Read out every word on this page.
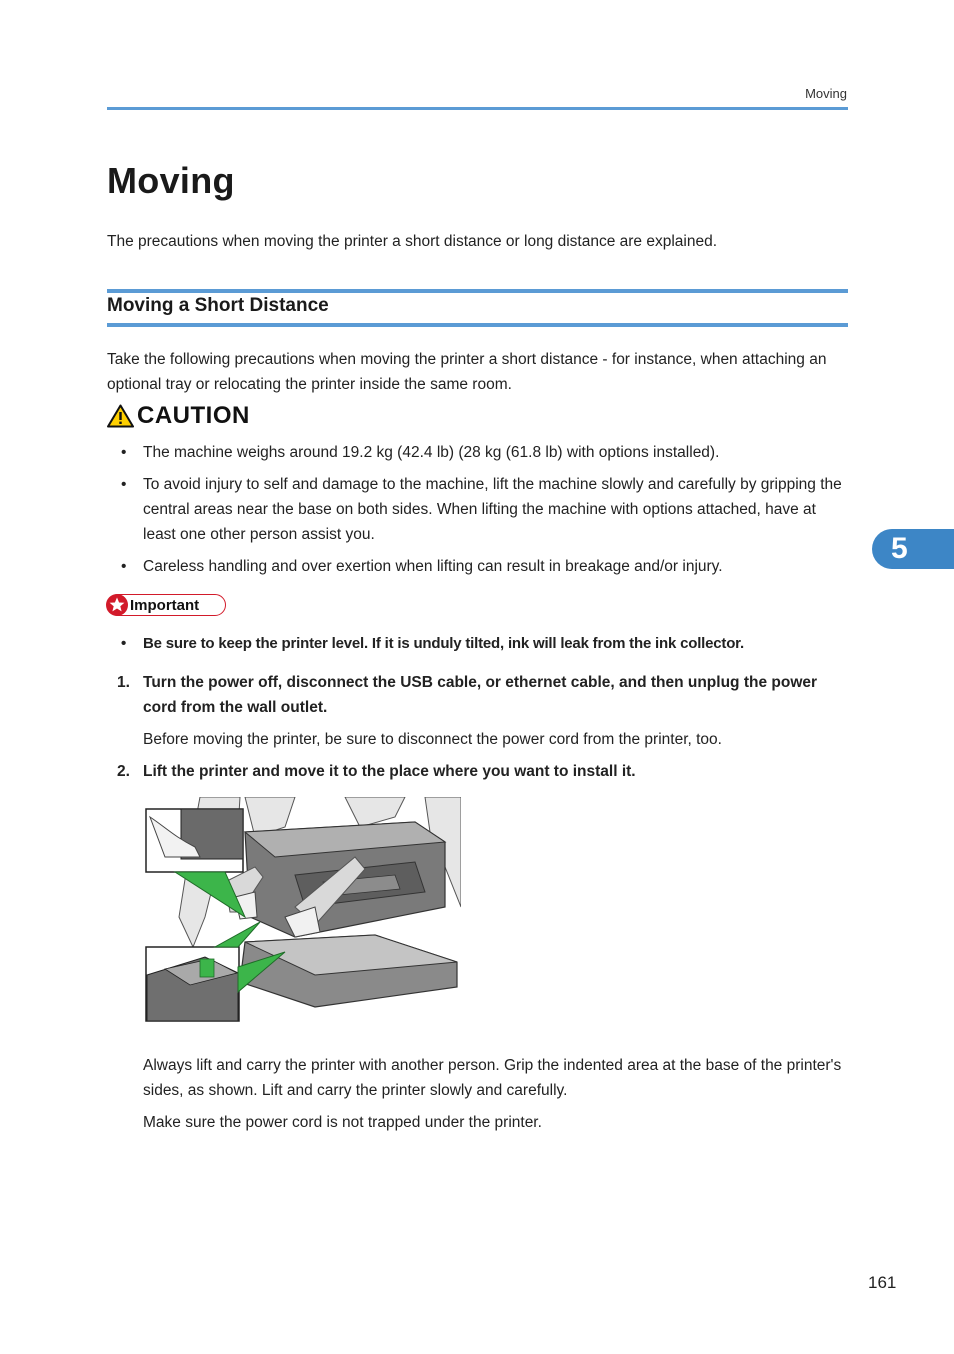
Moving
Moving

The precautions when moving the printer a short distance or long distance are explained.

Moving a Short Distance

Take the following precautions when moving the printer a short distance - for instance, when attaching an optional tray or relocating the printer inside the same room.

CAUTION
• The machine weighs around 19.2 kg (42.4 lb) (28 kg (61.8 lb) with options installed).
• To avoid injury to self and damage to the machine, lift the machine slowly and carefully by gripping the central areas near the base on both sides. When lifting the machine with options attached, have at least one other person assist you.
• Careless handling and over exertion when lifting can result in breakage and/or injury.
Important
• Be sure to keep the printer level. If it is unduly tilted, ink will leak from the ink collector.
1. Turn the power off, disconnect the USB cable, or ethernet cable, and then unplug the power cord from the wall outlet.

Before moving the printer, be sure to disconnect the power cord from the printer, too.

2. Lift the printer and move it to the place where you want to install it.

Always lift and carry the printer with another person. Grip the indented area at the base of the printer's sides, as shown. Lift and carry the printer slowly and carefully.

Make sure the power cord is not trapped under the printer.

5
161
